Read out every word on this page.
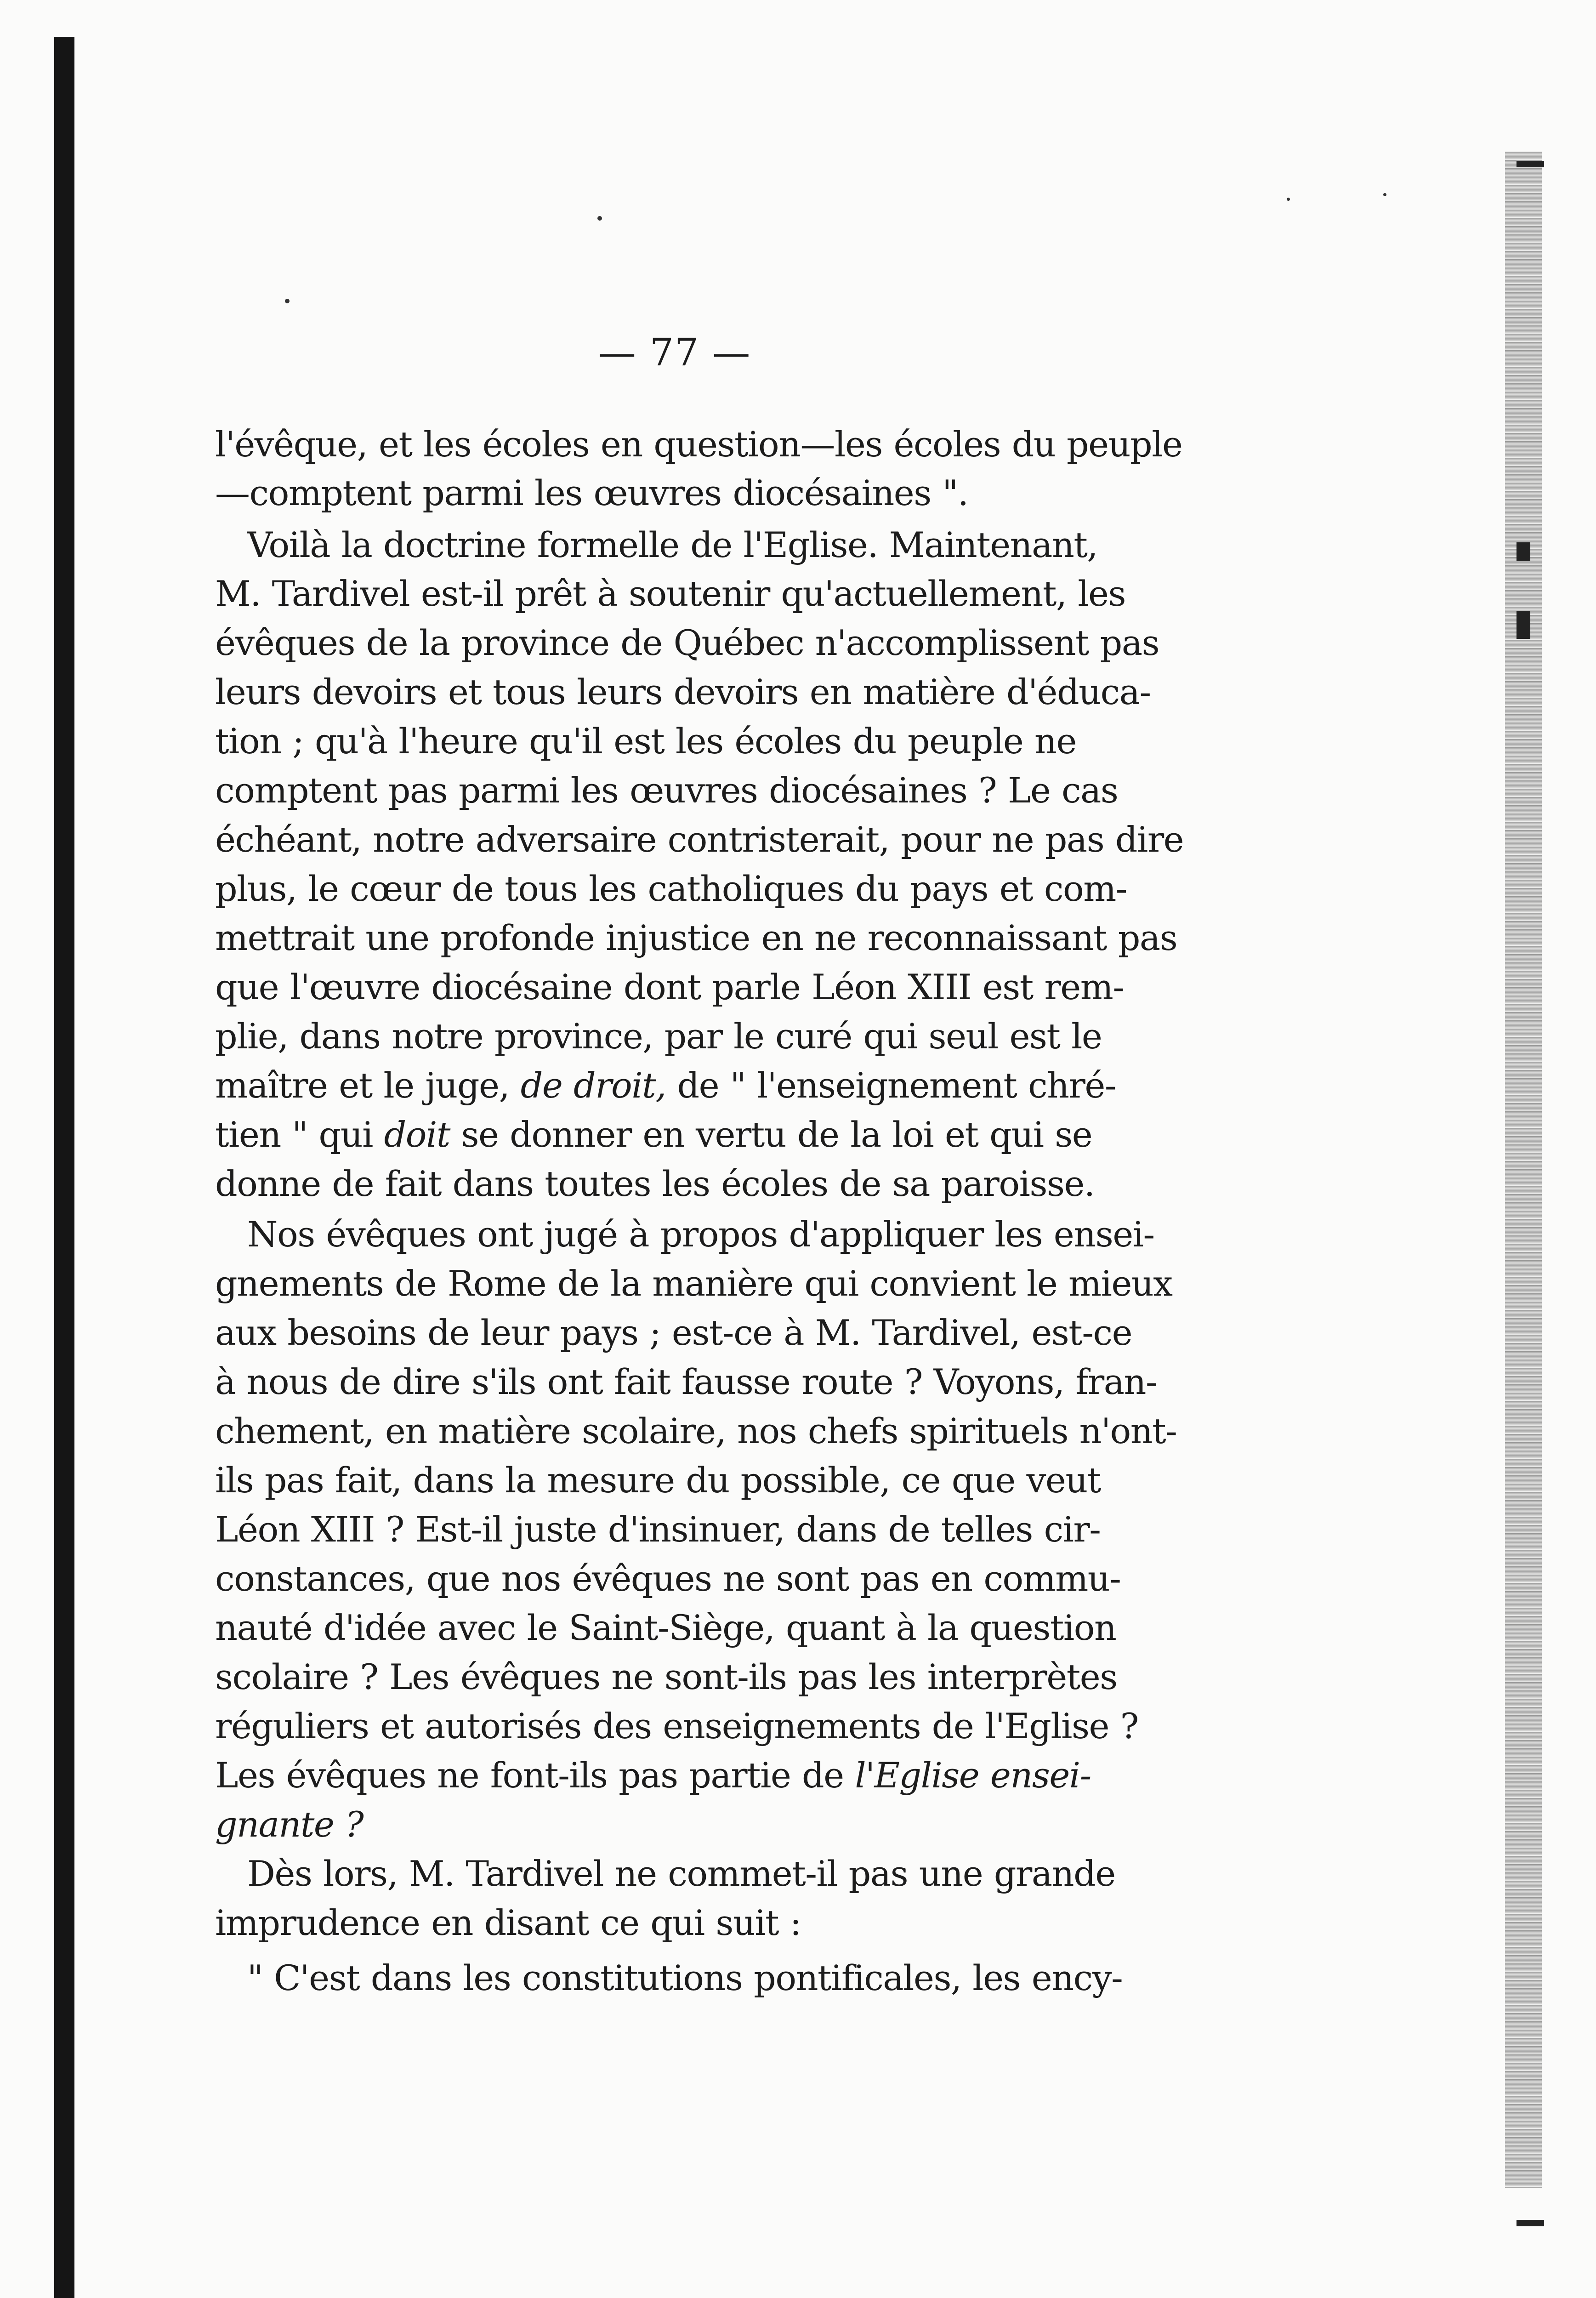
— 77 —
l'évêque, et les écoles en question—les écoles du peuple
—comptent parmi les œuvres diocésaines ".
Voilà la doctrine formelle de l'Eglise. Maintenant,
M. Tardivel est-il prêt à soutenir qu'actuellement, les
évêques de la province de Québec n'accomplissent pas
leurs devoirs et tous leurs devoirs en matière d'éduca-
tion ; qu'à l'heure qu'il est les écoles du peuple ne
comptent pas parmi les œuvres diocésaines ? Le cas
échéant, notre adversaire contristerait, pour ne pas dire
plus, le cœur de tous les catholiques du pays et com-
mettrait une profonde injustice en ne reconnaissant pas
que l'œuvre diocésaine dont parle Léon XIII est rem-
plie, dans notre province, par le curé qui seul est le
maître et le juge, de droit, de " l'enseignement chré-
tien " qui doit se donner en vertu de la loi et qui se
donne de fait dans toutes les écoles de sa paroisse.
Nos évêques ont jugé à propos d'appliquer les ensei-
gnements de Rome de la manière qui convient le mieux
aux besoins de leur pays ; est-ce à M. Tardivel, est-ce
à nous de dire s'ils ont fait fausse route ? Voyons, fran-
chement, en matière scolaire, nos chefs spirituels n'ont-
ils pas fait, dans la mesure du possible, ce que veut
Léon XIII ? Est-il juste d'insinuer, dans de telles cir-
constances, que nos évêques ne sont pas en commu-
nauté d'idée avec le Saint-Siège, quant à la question
scolaire ? Les évêques ne sont-ils pas les interprètes
réguliers et autorisés des enseignements de l'Eglise ?
Les évêques ne font-ils pas partie de l'Eglise ensei-
gnante ?
Dès lors, M. Tardivel ne commet-il pas une grande
imprudence en disant ce qui suit :
" C'est dans les constitutions pontificales, les ency-
